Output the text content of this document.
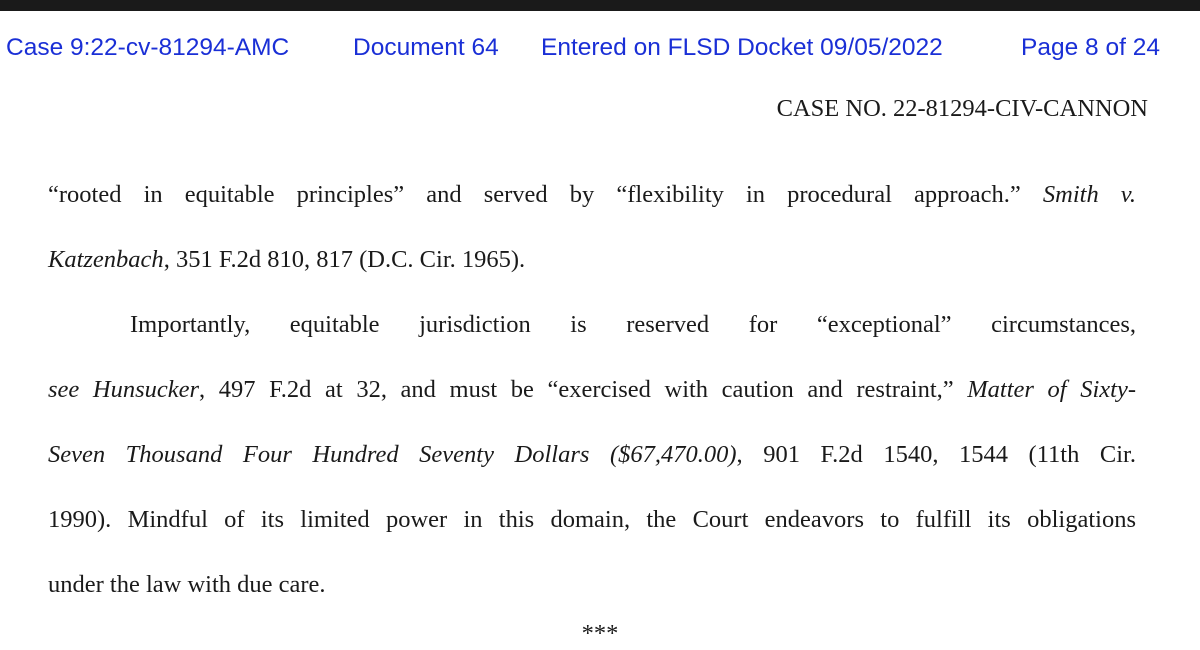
Case 9:22-cv-81294-AMC	Document 64 Entered on FLSD Docket 09/05/2022	Page 8 of 24
CASE NO. 22-81294-CIV-CANNON
“rooted in equitable principles” and served by “flexibility in procedural approach.” Smith v.
Katzenbach, 351 F.2d 810, 817 (D.C. Cir. 1965).
Importantly, equitable jurisdiction is reserved for “exceptional” circumstances,
see Hunsucker, 497 F.2d at 32, and must be “exercised with caution and restraint,” Matter of Sixty-
Seven Thousand Four Hundred Seventy Dollars ($67,470.00), 901 F.2d 1540, 1544 (11th Cir.
1990). Mindful of its limited power in this domain, the Court endeavors to fulfill its obligations
under the law with due care.
***
